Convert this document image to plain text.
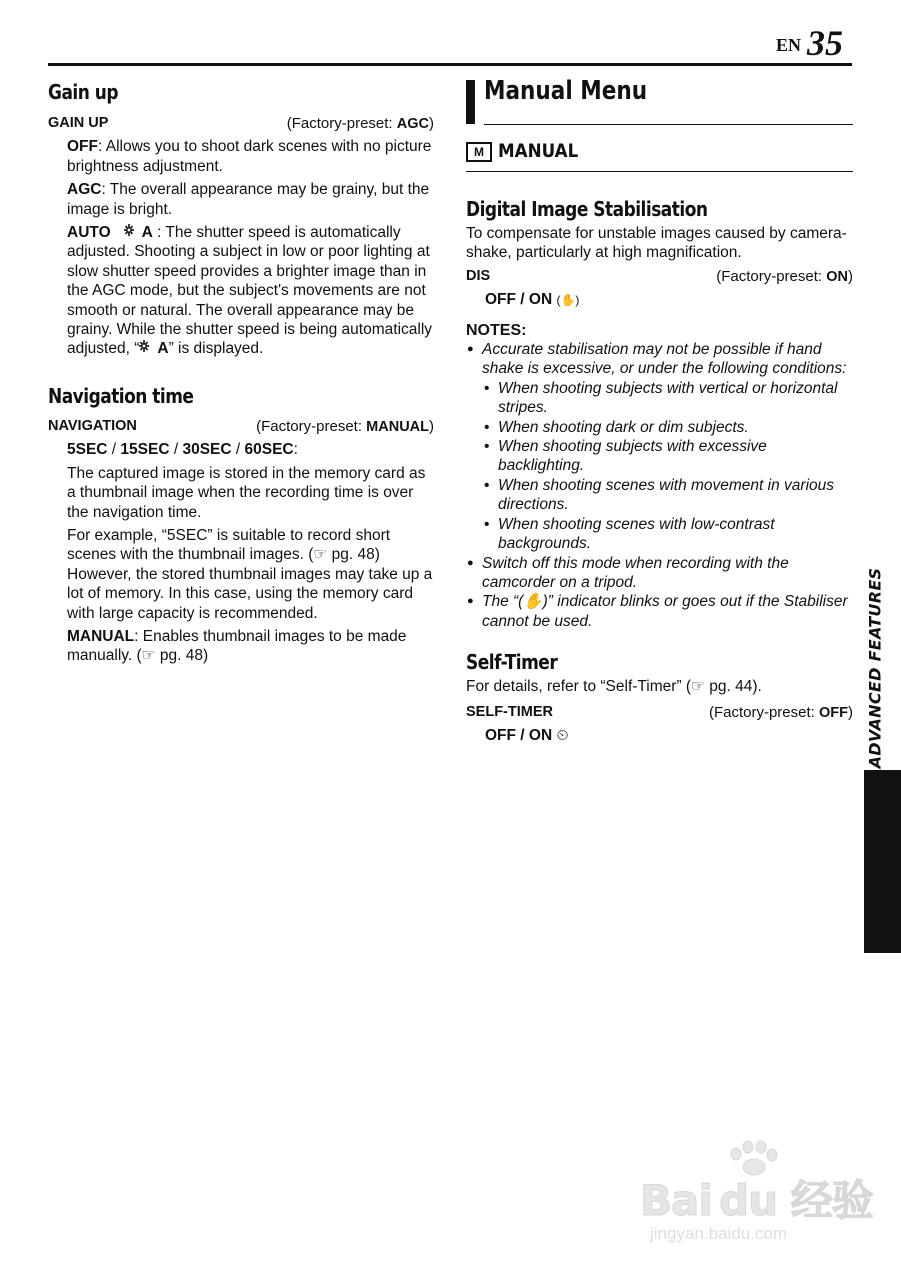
EN 35
Gain up
GAIN UP	(Factory-preset: AGC)

OFF: Allows you to shoot dark scenes with no picture brightness adjustment.

AGC: The overall appearance may be grainy, but the image is bright.

AUTO A : The shutter speed is automatically adjusted. Shooting a subject in low or poor lighting at slow shutter speed provides a brighter image than in the AGC mode, but the subject's movements are not smooth or natural. The overall appearance may be grainy. While the shutter speed is being automatically adjusted, “ A” is displayed.

Navigation time
NAVIGATION	(Factory-preset: MANUAL)

5SEC / 15SEC / 30SEC / 60SEC:

The captured image is stored in the memory card as a thumbnail image when the recording time is over the navigation time.

For example, “5SEC” is suitable to record short scenes with the thumbnail images. (☞ pg. 48) However, the stored thumbnail images may take up a lot of memory. In this case, using the memory card with large capacity is recommended.

MANUAL: Enables thumbnail images to be made manually. (☞ pg. 48)

Manual Menu
M MANUAL
Digital Image Stabilisation

To compensate for unstable images caused by camera-shake, particularly at high magnification.

DIS	(Factory-preset: ON)
OFF / ON (✋)
NOTES:
● Accurate stabilisation may not be possible if hand shake is excessive, or under the following conditions:
• When shooting subjects with vertical or horizontal stripes.
• When shooting dark or dim subjects.
• When shooting subjects with excessive backlighting.
• When shooting scenes with movement in various directions.
• When shooting scenes with low-contrast backgrounds.
● Switch off this mode when recording with the camcorder on a tripod.
● The “(✋)” indicator blinks or goes out if the Stabiliser cannot be used.
Self-Timer

For details, refer to “Self-Timer” (☞ pg. 44).

SELF-TIMER	(Factory-preset: OFF)
OFF / ON ⏲	ADVANCED FEATURES
Bai du 经验
jingyan.baidu.com
